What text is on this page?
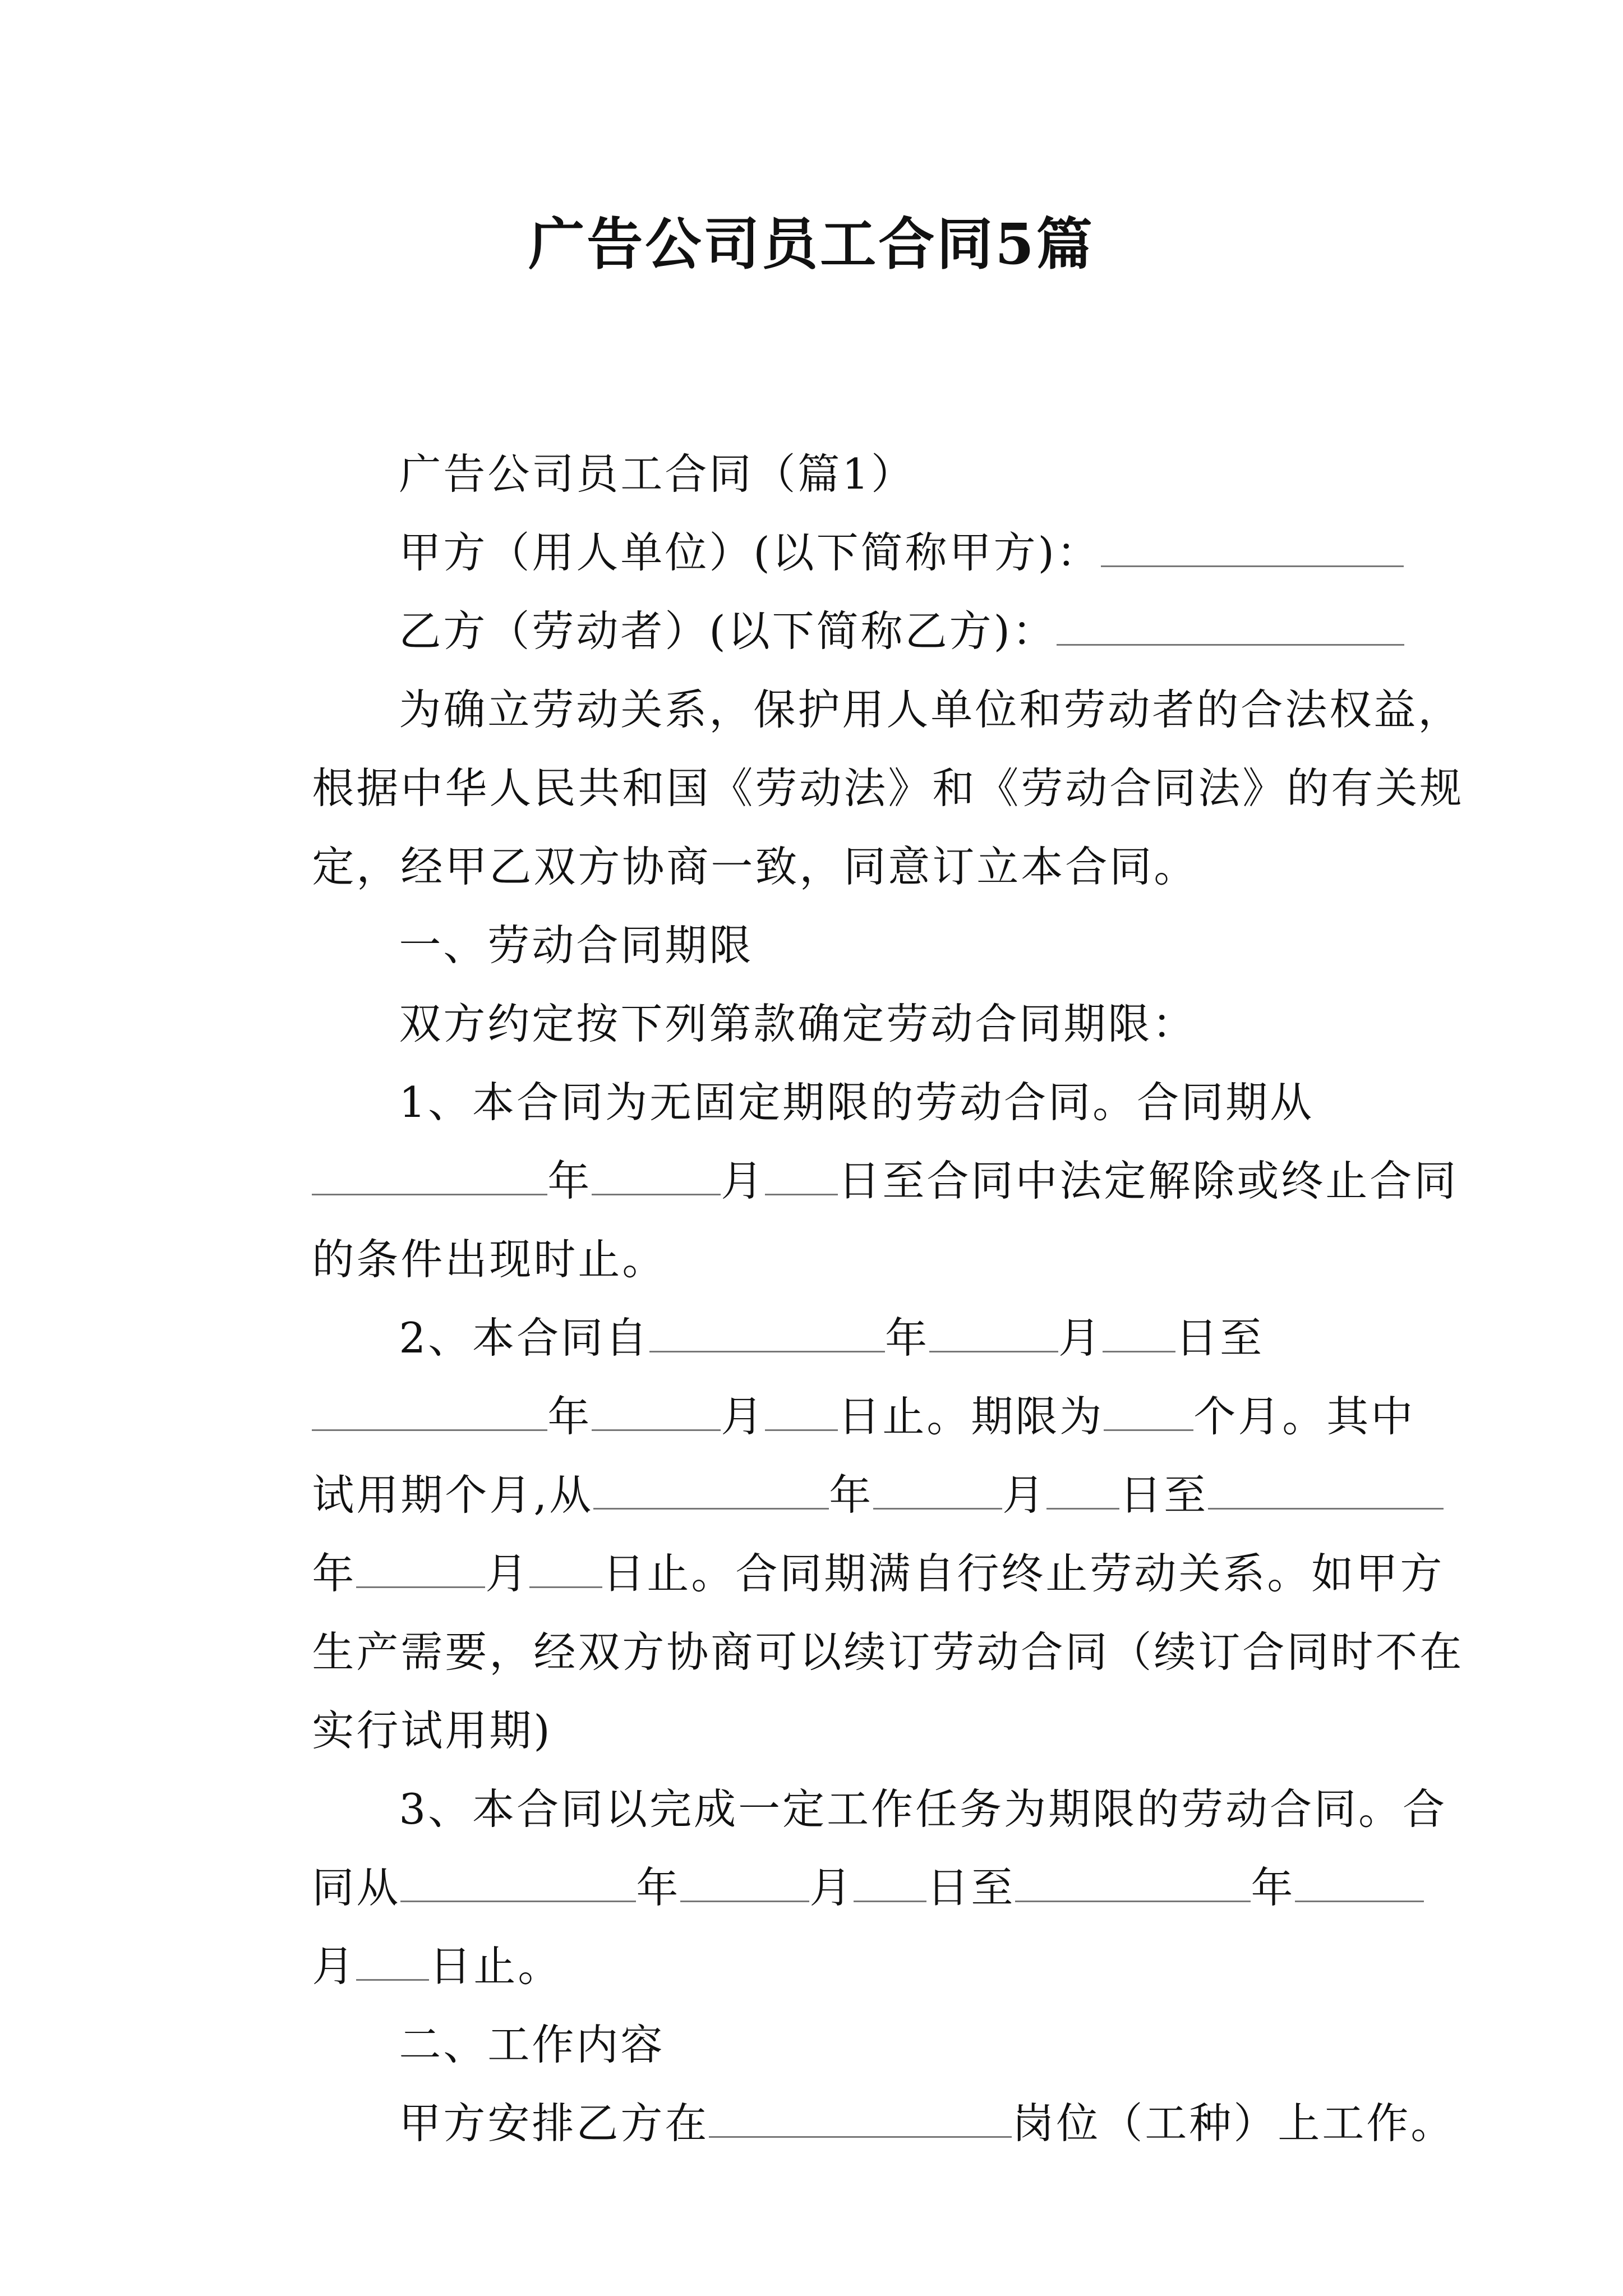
广告公司员工合同5篇

广告公司员工合同（篇1）

甲方（用人单位）(以下简称甲方)：

乙方（劳动者）(以下简称乙方)：

为确立劳动关系，保护用人单位和劳动者的合法权益，

根据中华人民共和国《劳动法》和《劳动合同法》的有关规

定，经甲乙双方协商一致，同意订立本合同。

一、劳动合同期限

双方约定按下列第款确定劳动合同期限：

1、本合同为无固定期限的劳动合同。合同期从

年	月 日至合同中法定解除或终止合同

的条件出现时止。

2、本合同自	年	月 日至

年	月 日止。期限为 个月。其中

试用期个月,从	年	月 日至

年	月 日止。合同期满自行终止劳动关系。如甲方

生产需要，经双方协商可以续订劳动合同（续订合同时不在

实行试用期)

3、本合同以完成一定工作任务为期限的劳动合同。合

同从	年	月 日至	年

月 日止。

二、工作内容

甲方安排乙方在	岗位（工种）上工作。
